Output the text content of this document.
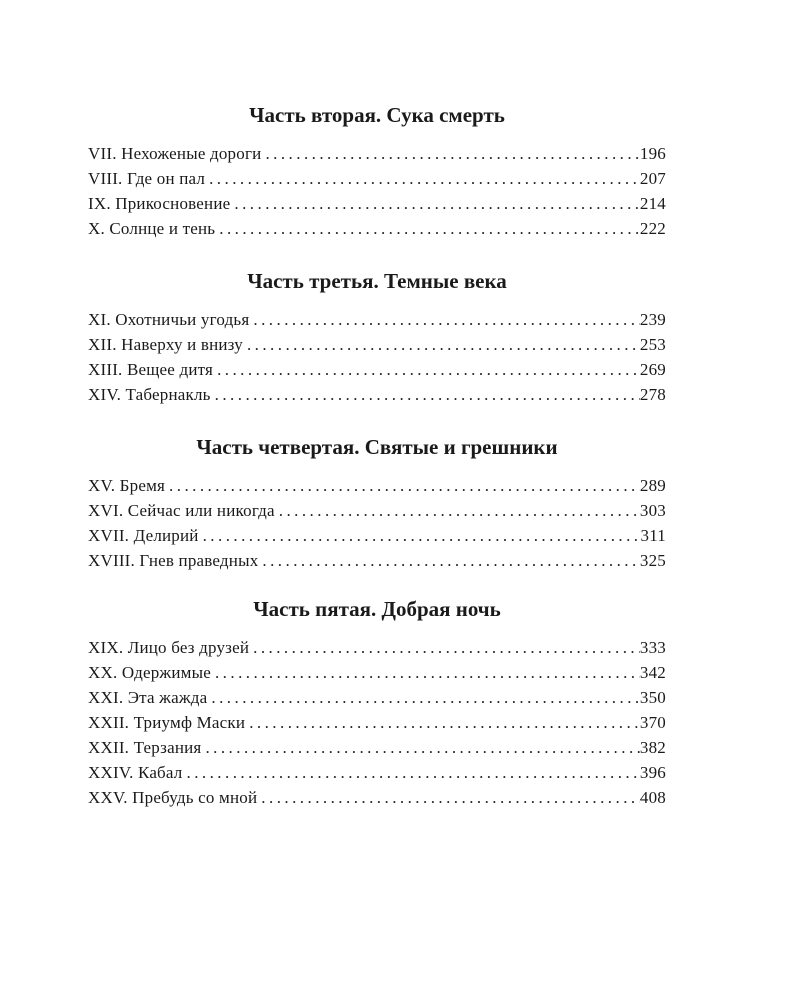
Часть вторая. Сука смерть
VII. Нехоженые дороги . . .	196
VIII. Где он пал . . .	207
IX. Прикосновение . . .	214
X. Солнце и тень . . .	222
Часть третья. Темные века
XI. Охотничьи угодья . . .	239
XII. Наверху и внизу . . .	253
XIII. Вещее дитя . . .	269
XIV. Табернакль . . .	278
Часть четвертая. Святые и грешники
XV. Бремя . . .	289
XVI. Сейчас или никогда . . .	303
XVII. Делирий . . .	311
XVIII. Гнев праведных . . .	325
Часть пятая. Добрая ночь
XIX. Лицо без друзей . . .	333
XX. Одержимые . . .	342
XXI. Эта жажда . . .	350
XXII. Триумф Маски . . .	370
XXII. Терзания . . .	382
XXIV. Кабал . . .	396
XXV. Пребудь со мной . . .	408
